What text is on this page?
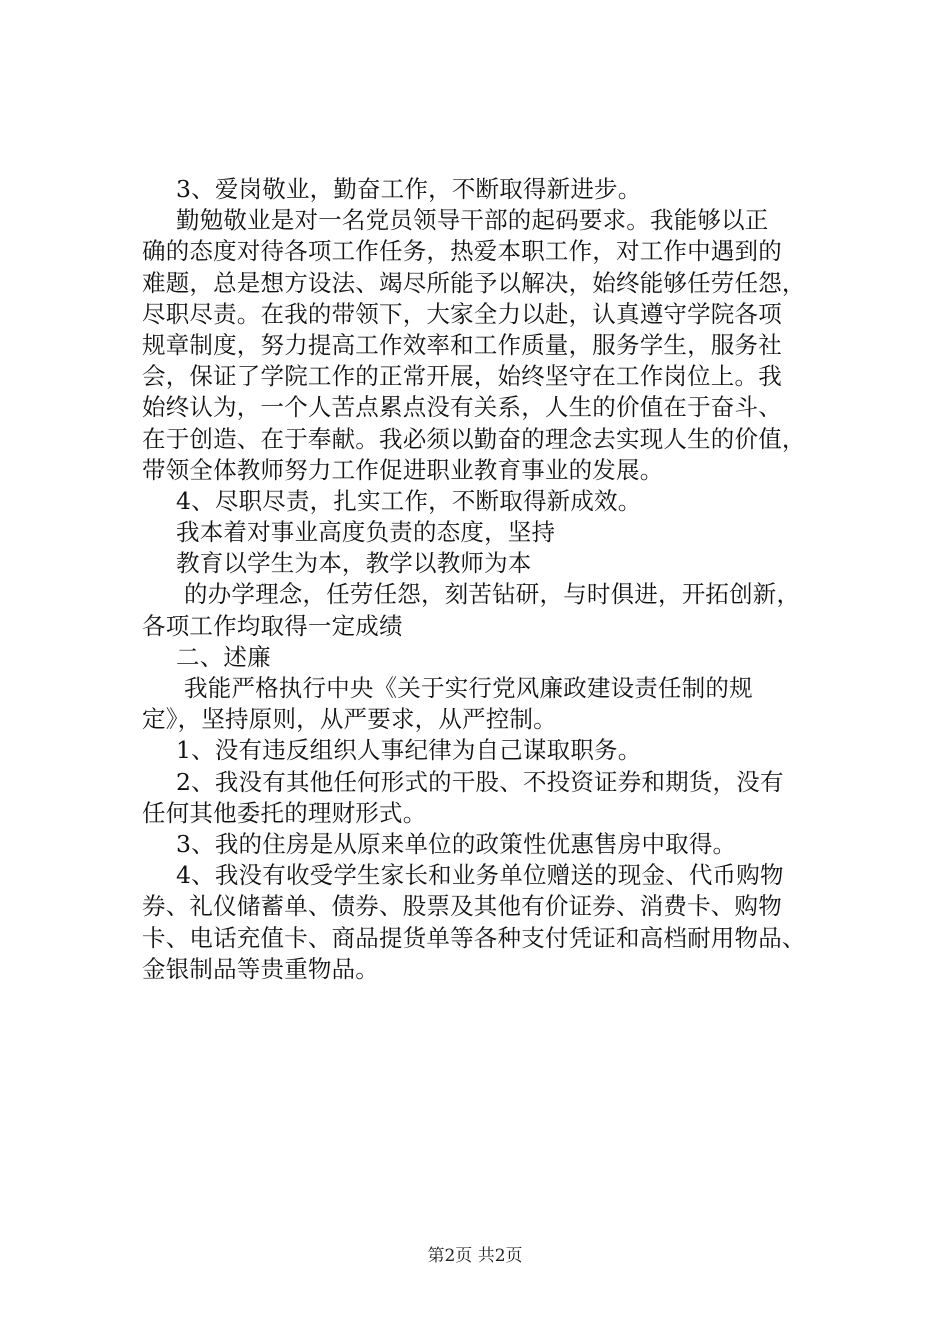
3、爱岗敬业，勤奋工作，不断取得新进步。
勤勉敬业是对一名党员领导干部的起码要求。我能够以正
确的态度对待各项工作任务，热爱本职工作，对工作中遇到的
难题，总是想方设法、竭尽所能予以解决，始终能够任劳任怨，
尽职尽责。在我的带领下，大家全力以赴，认真遵守学院各项
规章制度，努力提高工作效率和工作质量，服务学生，服务社
会，保证了学院工作的正常开展，始终坚守在工作岗位上。我
始终认为，一个人苦点累点没有关系，人生的价值在于奋斗、
在于创造、在于奉献。我必须以勤奋的理念去实现人生的价值，
带领全体教师努力工作促进职业教育事业的发展。
4、尽职尽责，扎实工作，不断取得新成效。
我本着对事业高度负责的态度，坚持
教育以学生为本，教学以教师为本
的办学理念，任劳任怨，刻苦钻研，与时俱进，开拓创新，
各项工作均取得一定成绩
二、述廉
我能严格执行中央《关于实行党风廉政建设责任制的规
定》，坚持原则，从严要求，从严控制。
1、没有违反组织人事纪律为自己谋取职务。
2、我没有其他任何形式的干股、不投资证券和期货，没有
任何其他委托的理财形式。
3、我的住房是从原来单位的政策性优惠售房中取得。
4、我没有收受学生家长和业务单位赠送的现金、代币购物
券、礼仪储蓄单、债券、股票及其他有价证券、消费卡、购物
卡、电话充值卡、商品提货单等各种支付凭证和高档耐用物品、
金银制品等贵重物品。
第2页 共2页
